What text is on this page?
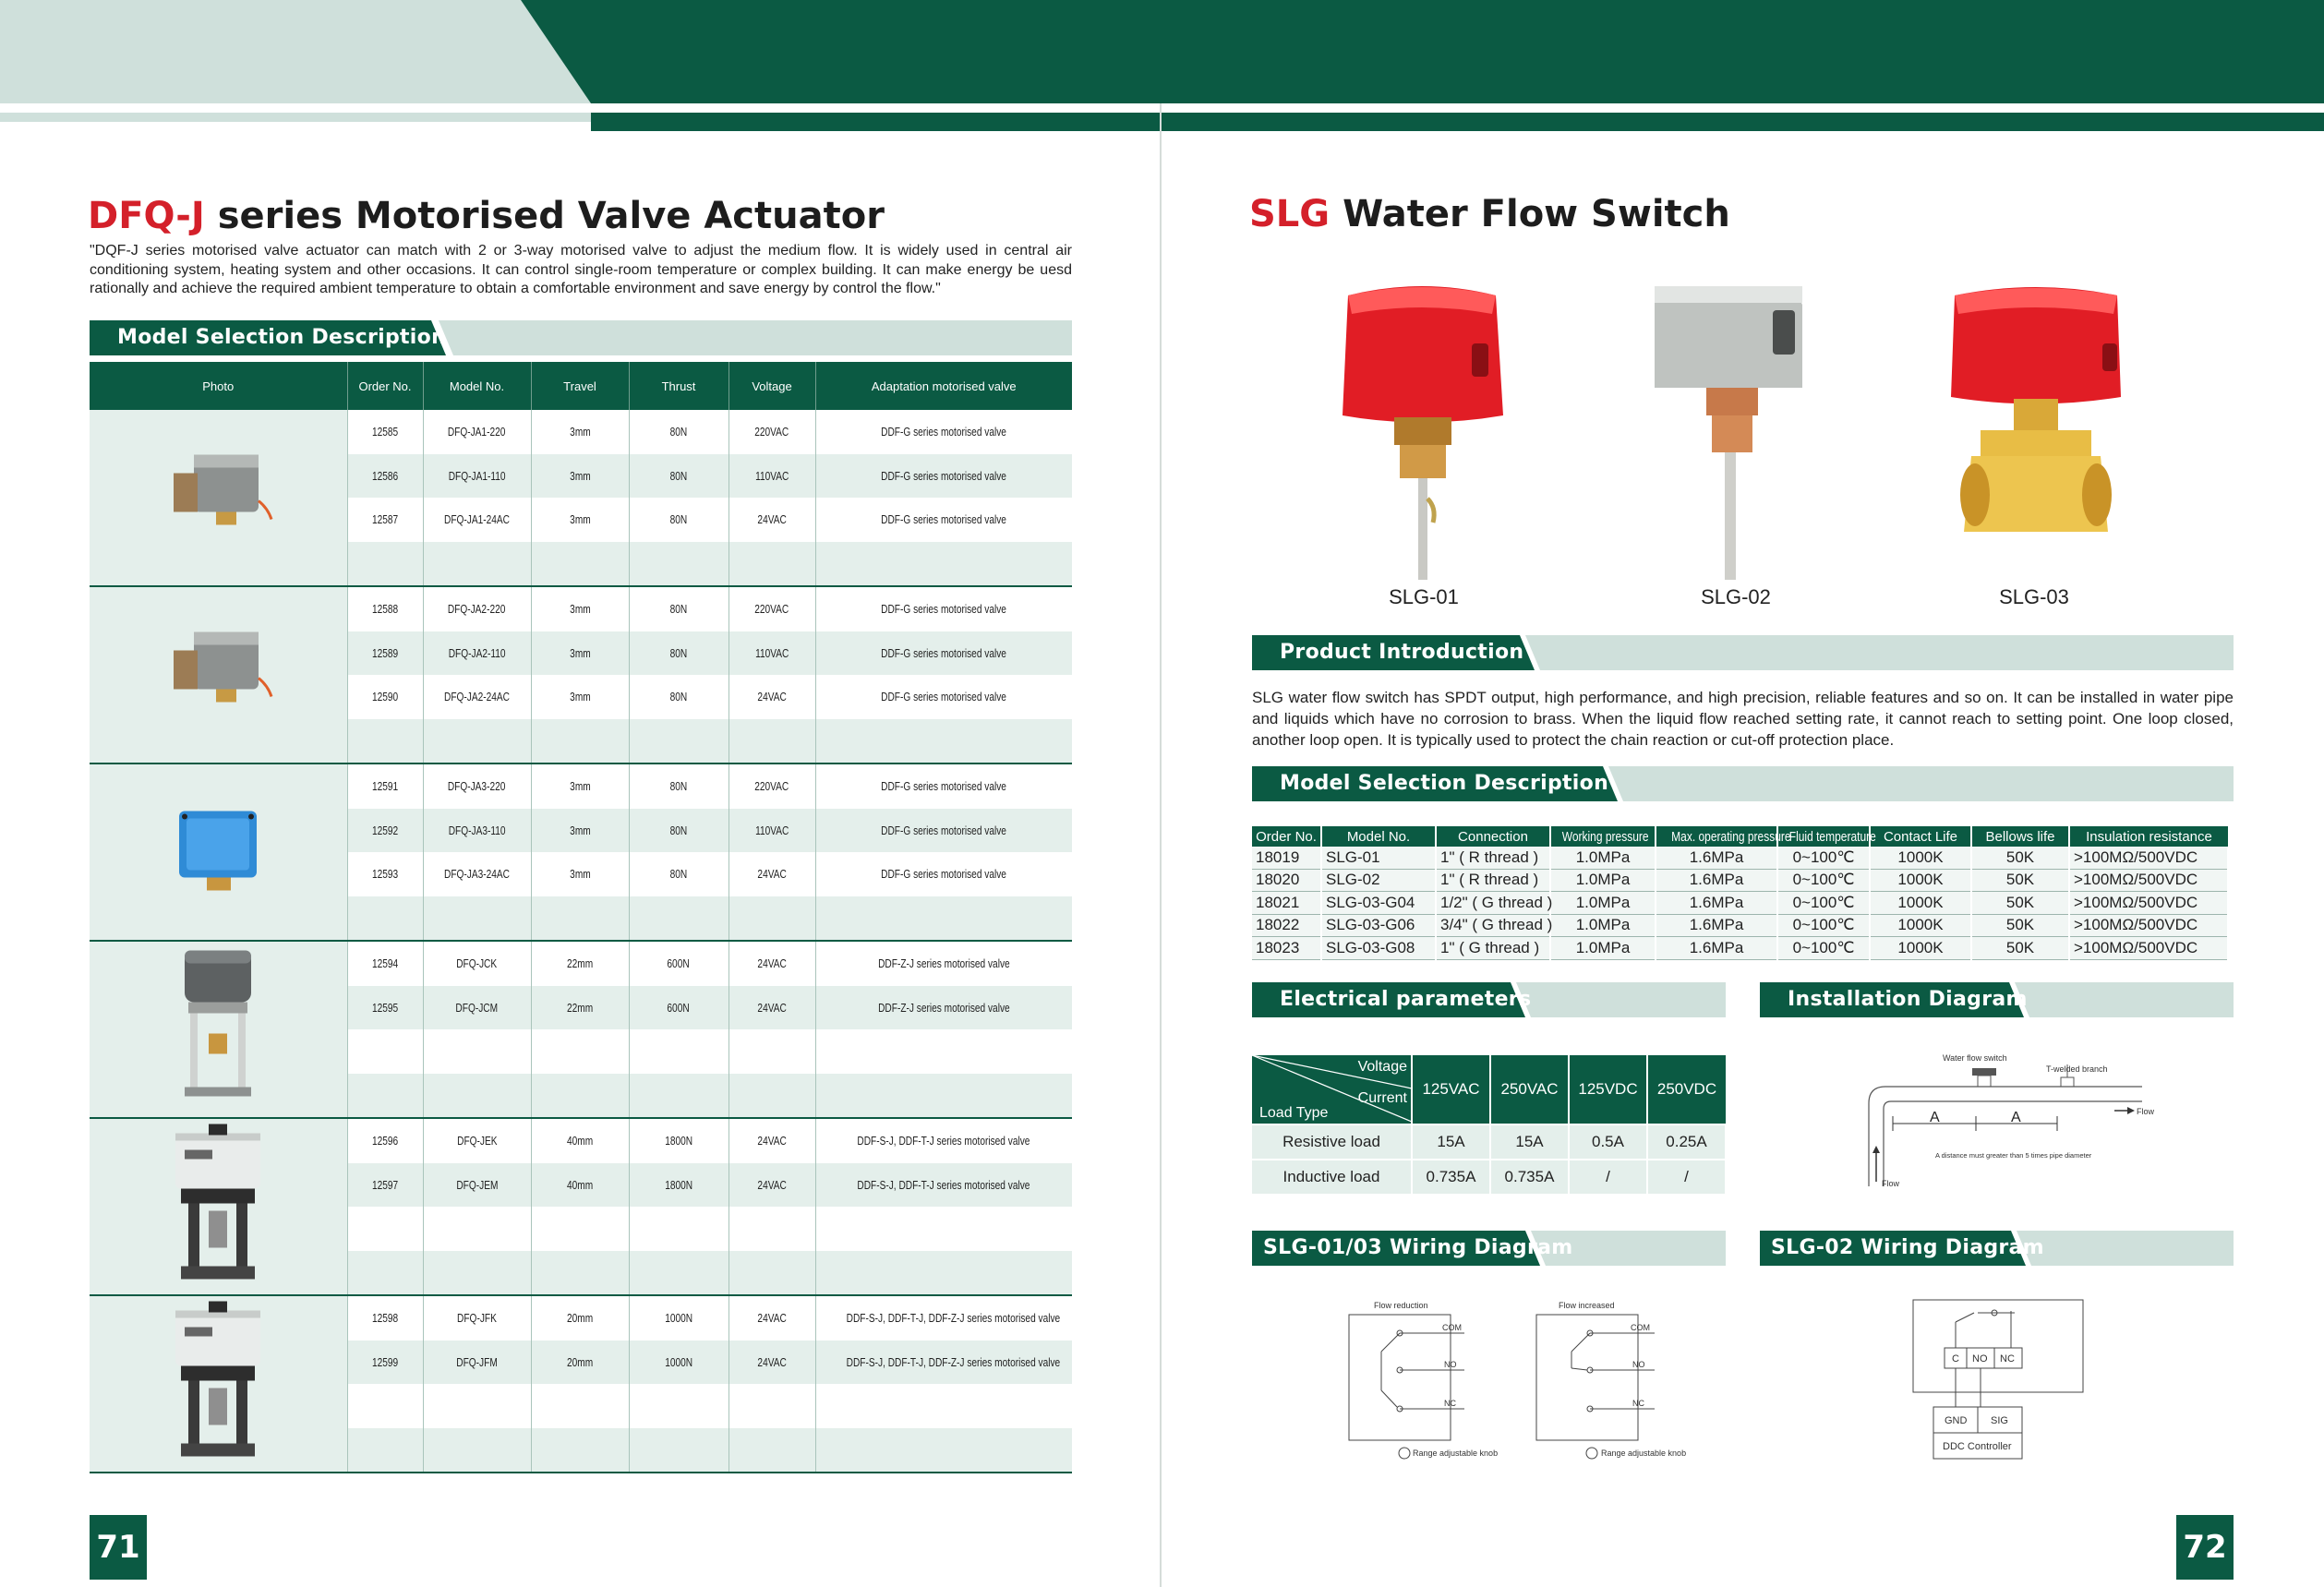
DFQ-J series Motorised Valve Actuator
"DQF-J series motorised valve actuator can match with 2 or 3-way motorised valve to adjust the medium flow. It is widely used in central air conditioning system, heating system and other occasions. It can control single-room temperature or complex building. It can make energy be uesd rationally and achieve the required ambient temperature to obtain a comfortable environment and save energy by control the flow."
Model Selection Description
Photo	Order No.	Model No.	Travel	Thrust	Voltage	Adaptation motorised valve

	12585	DFQ-JA1-220	3mm	80N	220VAC	DDF-G series motorised valve
	12586	DFQ-JA1-110	3mm	80N	110VAC	DDF-G series motorised valve
	12587	DFQ-JA1-24AC	3mm	80N	24VAC	DDF-G series motorised valve

	12588	DFQ-JA2-220	3mm	80N	220VAC	DDF-G series motorised valve
	12589	DFQ-JA2-110	3mm	80N	110VAC	DDF-G series motorised valve
	12590	DFQ-JA2-24AC	3mm	80N	24VAC	DDF-G series motorised valve

	12591	DFQ-JA3-220	3mm	80N	220VAC	DDF-G series motorised valve
	12592	DFQ-JA3-110	3mm	80N	110VAC	DDF-G series motorised valve
	12593	DFQ-JA3-24AC	3mm	80N	24VAC	DDF-G series motorised valve

	12594	DFQ-JCK	22mm	600N	24VAC	DDF-Z-J series motorised valve
	12595	DFQ-JCM	22mm	600N	24VAC	DDF-Z-J series motorised valve

	12596	DFQ-JEK	40mm	1800N	24VAC	DDF-S-J, DDF-T-J series motorised valve
	12597	DFQ-JEM	40mm	1800N	24VAC	DDF-S-J, DDF-T-J series motorised valve

	12598	DFQ-JFK	20mm	1000N	24VAC	DDF-S-J, DDF-T-J, DDF-Z-J series motorised valve
	12599	DFQ-JFM	20mm	1000N	24VAC	DDF-S-J, DDF-T-J, DDF-Z-J series motorised valve

71
SLG Water Flow Switch
SLG-01	SLG-02	SLG-03
Product Introduction
SLG water flow switch has SPDT output, high performance, and high precision, reliable features and so on. It can be installed in water pipe and liquids which have no corrosion to brass. When the liquid flow reached setting rate, it cannot reach to setting point. One loop closed, another loop open. It is typically used to protect the chain reaction or cut-off protection place.
Model Selection Description
Order No.	Model No.	Connection	Working pressure	Max. operating pressure	Fluid temperature	Contact Life	Bellows life	Insulation resistance
18019	SLG-01	1" ( R thread )	1.0MPa	1.6MPa	0~100℃	1000K	50K	>100MΩ/500VDC
18020	SLG-02	1" ( R thread )	1.0MPa	1.6MPa	0~100℃	1000K	50K	>100MΩ/500VDC
18021	SLG-03-G04	1/2" ( G thread )	1.0MPa	1.6MPa	0~100℃	1000K	50K	>100MΩ/500VDC
18022	SLG-03-G06	3/4" ( G thread )	1.0MPa	1.6MPa	0~100℃	1000K	50K	>100MΩ/500VDC
18023	SLG-03-G08	1" ( G thread )	1.0MPa	1.6MPa	0~100℃	1000K	50K	>100MΩ/500VDC
Electrical parameters
Voltage
Current
Load Type	125VAC	250VAC	125VDC	250VDC
Resistive load	15A	15A	0.5A	0.25A
Inductive load	0.735A	0.735A	/	/
Installation Diagram
Water flow switch
T-welded branch
Flow
Flow
A	A
A distance must greater than 5 times pipe diameter
SLG-01/03 Wiring Diagram
Flow reduction
COM
NO
NC
Range adjustable knob
Flow increased
COM
NO
NC
Range adjustable knob
SLG-02 Wiring Diagram
C NO NC
GND SIG
DDC Controller
72
